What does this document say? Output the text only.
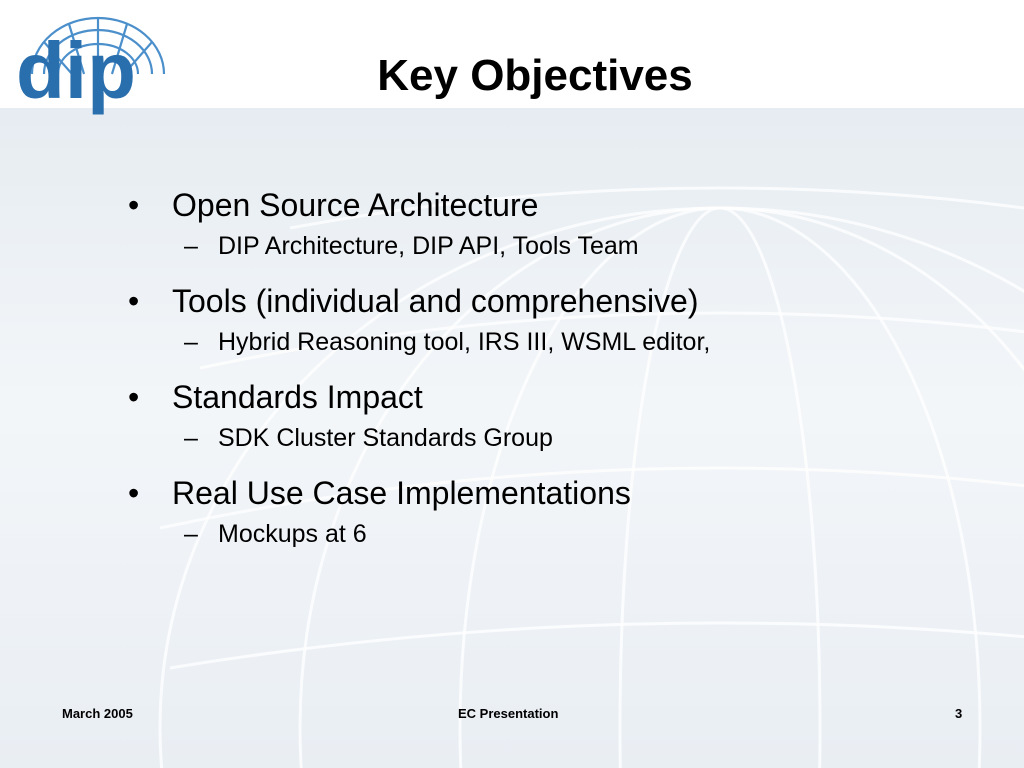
dip	Key Objectives
•	Open Source Architecture
– DIP Architecture, DIP API, Tools Team
•	Tools (individual and comprehensive)
– Hybrid Reasoning tool, IRS III, WSML editor,
•	Standards Impact
– SDK Cluster Standards Group
•	Real Use Case Implementations
– Mockups at 6
March 2005	EC Presentation	3
